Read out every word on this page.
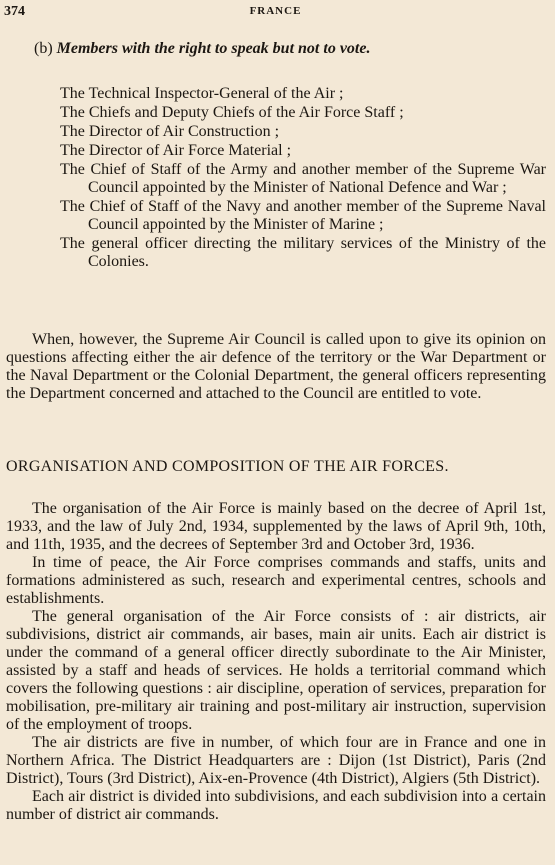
374	FRANCE
(b) Members with the right to speak but not to vote.
The Technical Inspector-General of the Air ;
The Chiefs and Deputy Chiefs of the Air Force Staff ;
The Director of Air Construction ;
The Director of Air Force Material ;
The Chief of Staff of the Army and another member of the Supreme War Council appointed by the Minister of National Defence and War ;
The Chief of Staff of the Navy and another member of the Supreme Naval Council appointed by the Minister of Marine ;
The general officer directing the military services of the Ministry of the Colonies.

When, however, the Supreme Air Council is called upon to give its opinion on questions affecting either the air defence of the territory or the War Department or the Naval Department or the Colonial Department, the general officers representing the Department concerned and attached to the Council are entitled to vote.

ORGANISATION AND COMPOSITION OF THE AIR FORCES.

The organisation of the Air Force is mainly based on the decree of April 1st, 1933, and the law of July 2nd, 1934, supplemented by the laws of April 9th, 10th, and 11th, 1935, and the decrees of September 3rd and October 3rd, 1936.

In time of peace, the Air Force comprises commands and staffs, units and formations administered as such, research and experimental centres, schools and establishments.

The general organisation of the Air Force consists of : air districts, air subdivisions, district air commands, air bases, main air units. Each air district is under the command of a general officer directly subordinate to the Air Minister, assisted by a staff and heads of services. He holds a territorial command which covers the following questions : air discipline, operation of services, preparation for mobilisation, pre-military air training and post-military air instruction, supervision of the employment of troops.

The air districts are five in number, of which four are in France and one in Northern Africa. The District Headquarters are : Dijon (1st District), Paris (2nd District), Tours (3rd District), Aix-en-Provence (4th District), Algiers (5th District).

Each air district is divided into subdivisions, and each subdivision into a certain number of district air commands.
